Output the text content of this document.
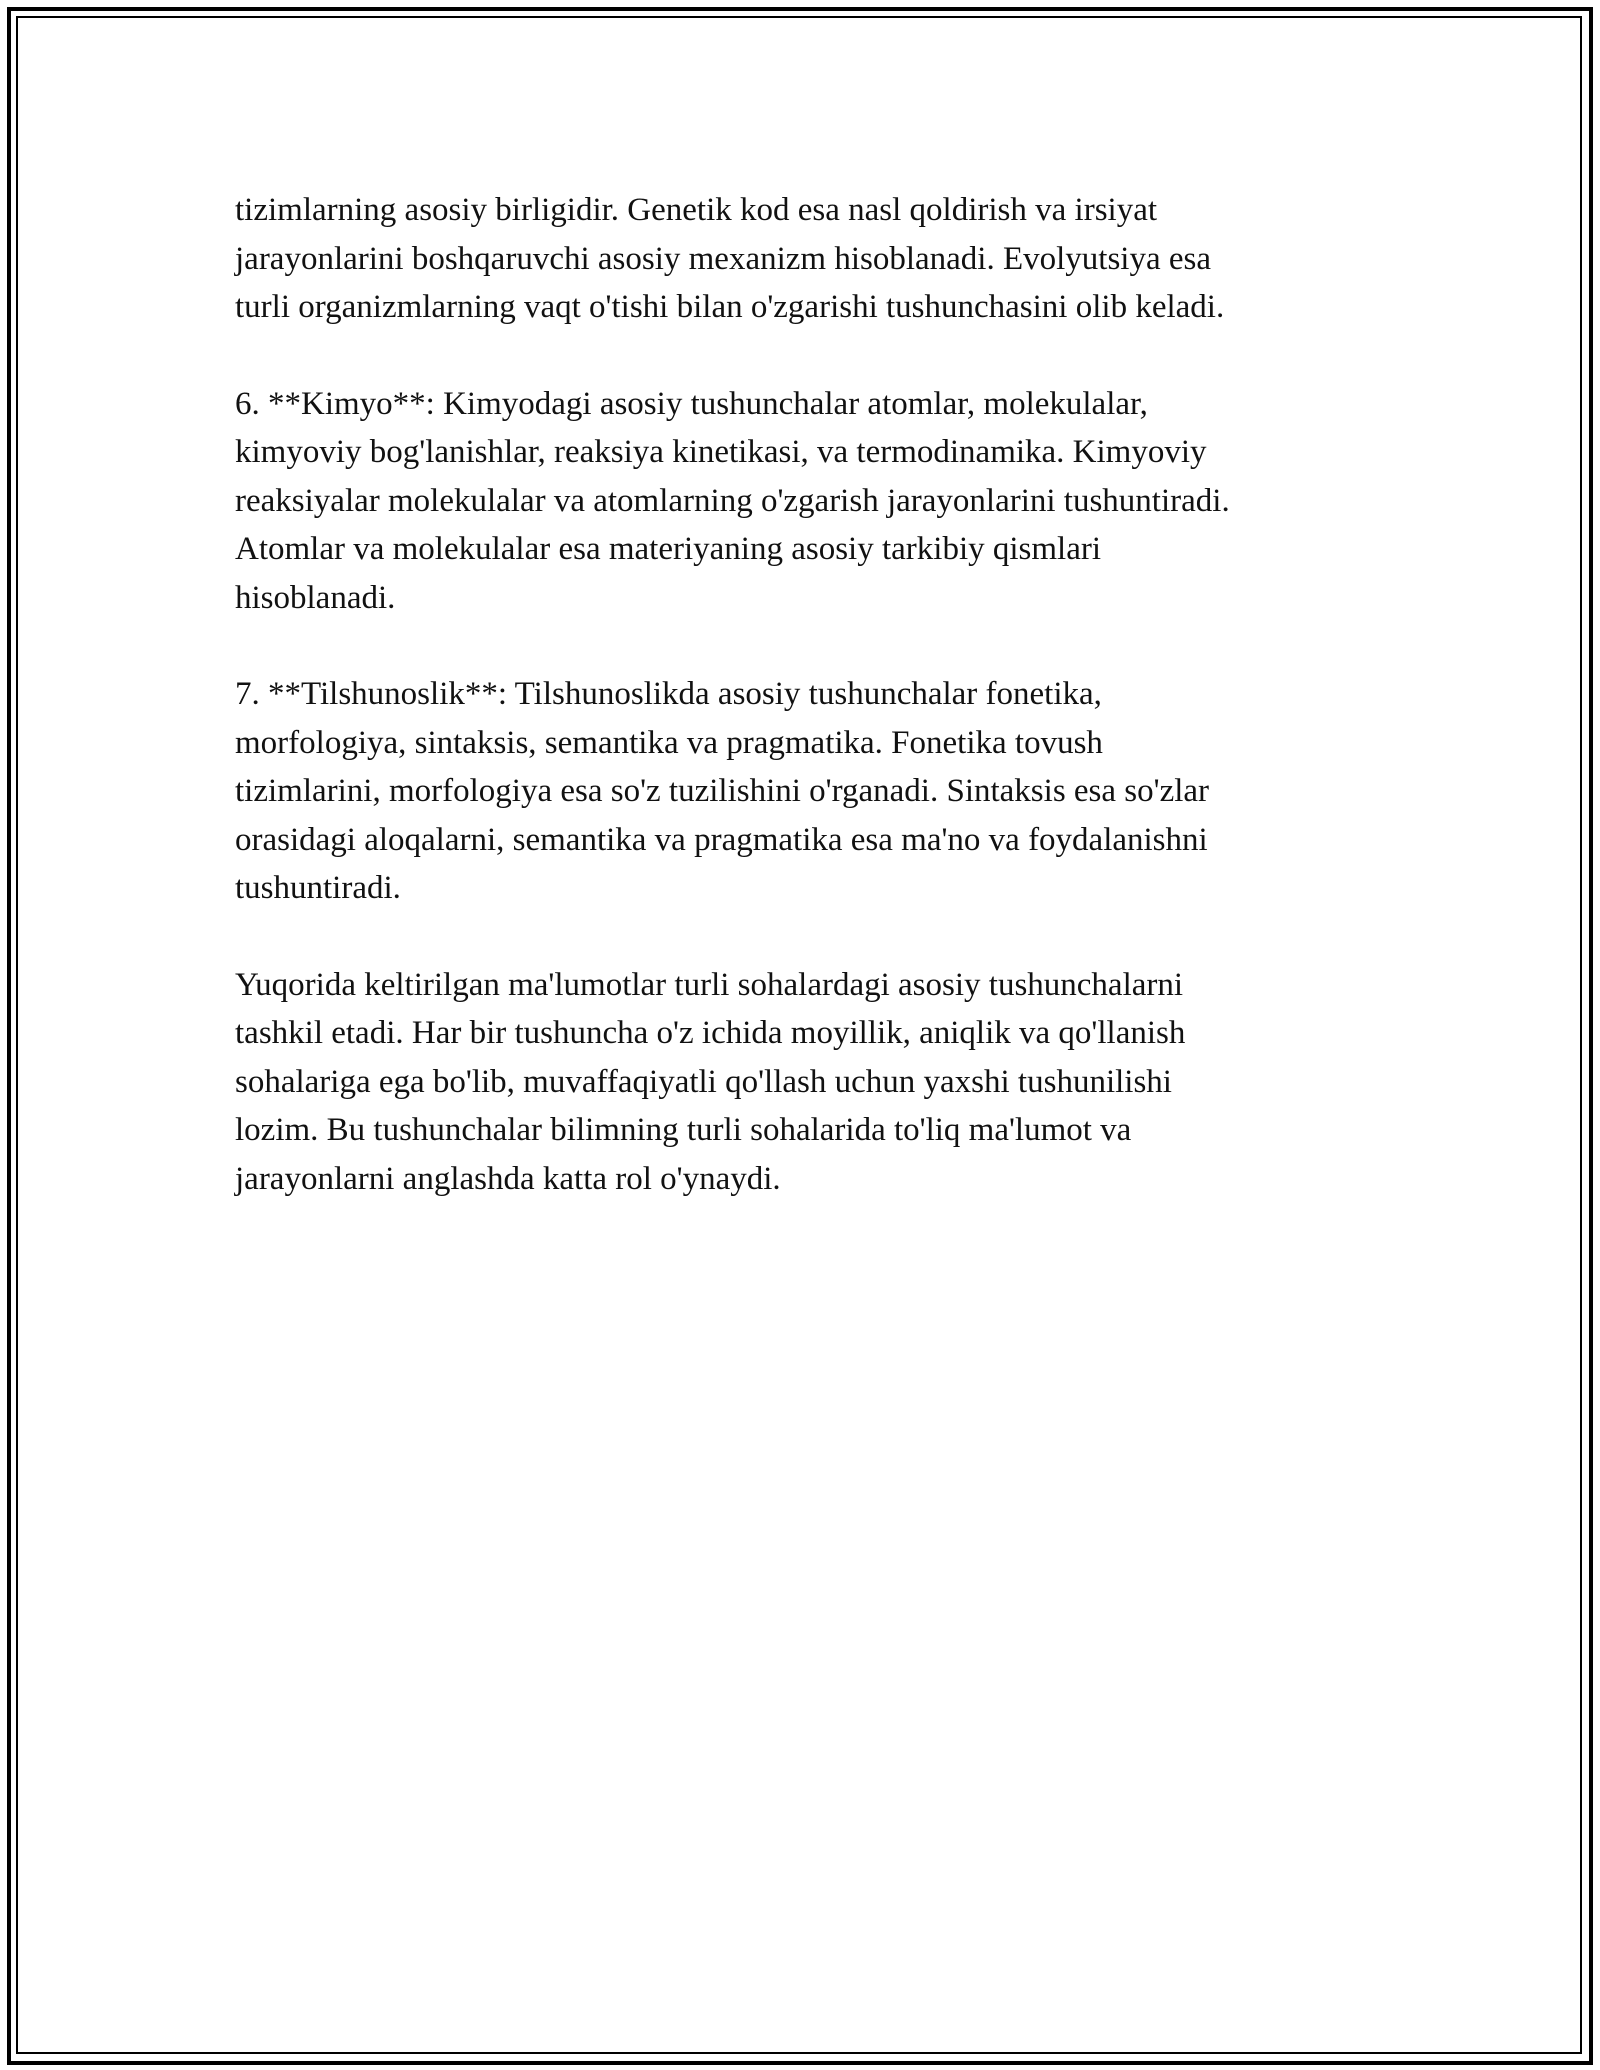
tizimlarning asosiy birligidir. Genetik kod esa nasl qoldirish va irsiyat
jarayonlarini boshqaruvchi asosiy mexanizm hisoblanadi. Evolyutsiya esa
turli organizmlarning vaqt o'tishi bilan o'zgarishi tushunchasini olib keladi.

6. **Kimyo**: Kimyodagi asosiy tushunchalar atomlar, molekulalar,
kimyoviy bog'lanishlar, reaksiya kinetikasi, va termodinamika. Kimyoviy
reaksiyalar molekulalar va atomlarning o'zgarish jarayonlarini tushuntiradi.
Atomlar va molekulalar esa materiyaning asosiy tarkibiy qismlari
hisoblanadi.

7. **Tilshunoslik**: Tilshunoslikda asosiy tushunchalar fonetika,
morfologiya, sintaksis, semantika va pragmatika. Fonetika tovush
tizimlarini, morfologiya esa so'z tuzilishini o'rganadi. Sintaksis esa so'zlar
orasidagi aloqalarni, semantika va pragmatika esa ma'no va foydalanishni
tushuntiradi.

Yuqorida keltirilgan ma'lumotlar turli sohalardagi asosiy tushunchalarni
tashkil etadi. Har bir tushuncha o'z ichida moyillik, aniqlik va qo'llanish
sohalariga ega bo'lib, muvaffaqiyatli qo'llash uchun yaxshi tushunilishi
lozim. Bu tushunchalar bilimning turli sohalarida to'liq ma'lumot va
jarayonlarni anglashda katta rol o'ynaydi.
